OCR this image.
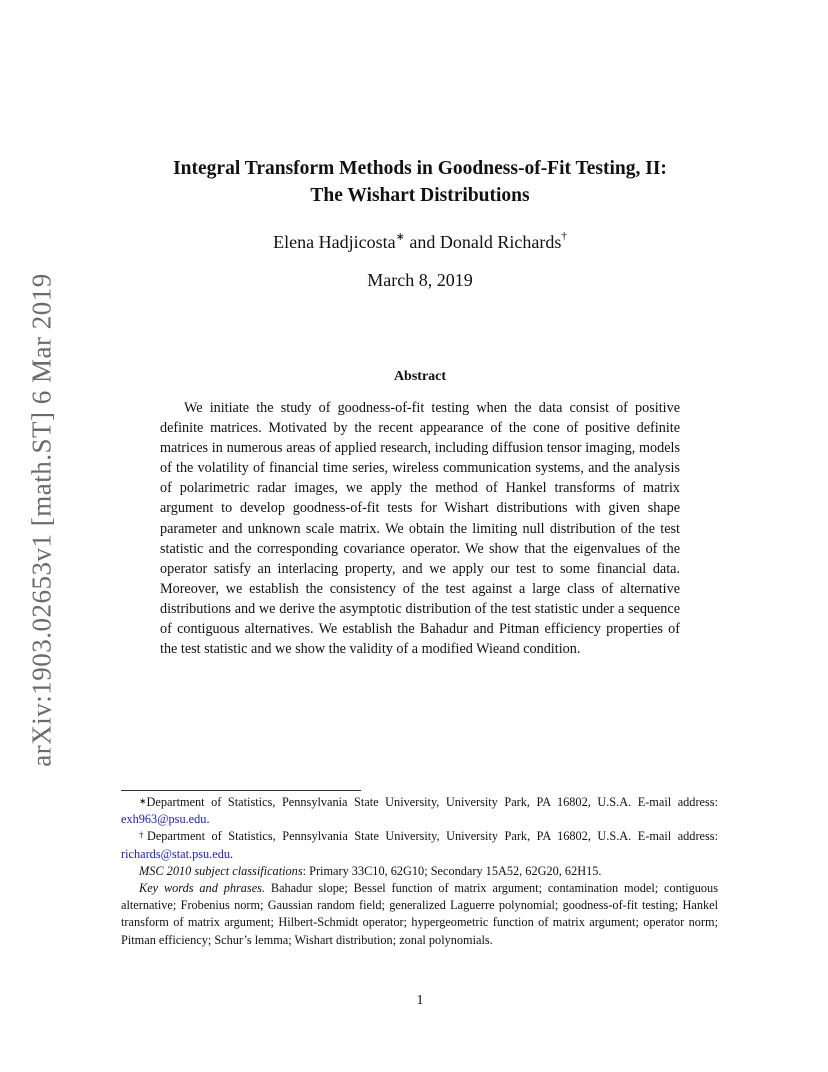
arXiv:1903.02653v1 [math.ST] 6 Mar 2019
Integral Transform Methods in Goodness-of-Fit Testing, II:
The Wishart Distributions
Elena Hadjicosta∗ and Donald Richards†
March 8, 2019
Abstract

We initiate the study of goodness-of-fit testing when the data consist of positive definite matrices. Motivated by the recent appearance of the cone of positive definite matrices in numerous areas of applied research, including diffusion tensor imaging, models of the volatility of financial time series, wireless communication systems, and the analysis of polarimetric radar images, we apply the method of Hankel transforms of matrix argument to develop goodness-of-fit tests for Wishart distributions with given shape parameter and unknown scale matrix. We obtain the limiting null distribution of the test statistic and the corresponding covariance operator. We show that the eigenvalues of the operator satisfy an interlacing property, and we apply our test to some financial data. Moreover, we establish the consistency of the test against a large class of alternative distributions and we derive the asymptotic distribution of the test statistic under a sequence of contiguous alternatives. We establish the Bahadur and Pitman efficiency properties of the test statistic and we show the validity of a modified Wieand condition.

∗Department of Statistics, Pennsylvania State University, University Park, PA 16802, U.S.A. E-mail address: exh963@psu.edu.

†Department of Statistics, Pennsylvania State University, University Park, PA 16802, U.S.A. E-mail address: richards@stat.psu.edu.

MSC 2010 subject classifications: Primary 33C10, 62G10; Secondary 15A52, 62G20, 62H15.

Key words and phrases. Bahadur slope; Bessel function of matrix argument; contamination model; contiguous alternative; Frobenius norm; Gaussian random field; generalized Laguerre polynomial; goodness-of-fit testing; Hankel transform of matrix argument; Hilbert-Schmidt operator; hypergeometric function of matrix argument; operator norm; Pitman efficiency; Schur’s lemma; Wishart distribution; zonal polynomials.

1
